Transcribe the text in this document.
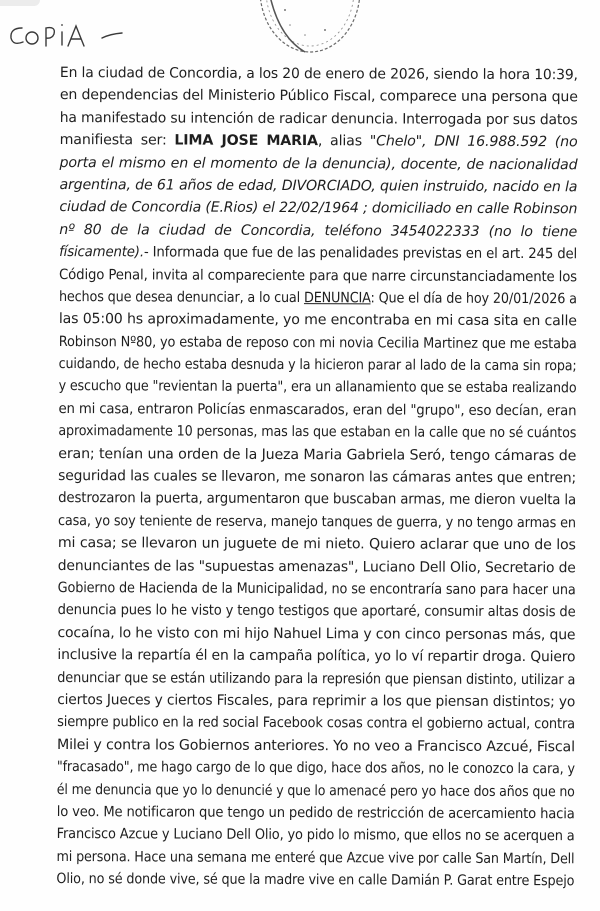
En la ciudad de Concordia, a los 20 de enero de 2026, siendo la hora 10:39,
en dependencias del Ministerio Público Fiscal, comparece una persona que
ha manifestado su intención de radicar denuncia. Interrogada por sus datos
manifiesta ser: LIMA JOSE MARIA, alias "Chelo", DNI 16.988.592 (no
porta el mismo en el momento de la denuncia), docente, de nacionalidad
argentina, de 61 años de edad, DIVORCIADO, quien instruido, nacido en la
ciudad de Concordia (E.Rios) el 22/02/1964 ; domiciliado en calle Robinson
nº 80 de la ciudad de Concordia, teléfono 3454022333 (no lo tiene
físicamente).- Informada que fue de las penalidades previstas en el art. 245 del
Código Penal, invita al compareciente para que narre circunstanciadamente los
hechos que desea denunciar, a lo cual DENUNCIA: Que el día de hoy 20/01/2026 a
las 05:00 hs aproximadamente, yo me encontraba en mi casa sita en calle
Robinson Nº80, yo estaba de reposo con mi novia Cecilia Martinez que me estaba
cuidando, de hecho estaba desnuda y la hicieron parar al lado de la cama sin ropa;
y escucho que "revientan la puerta", era un allanamiento que se estaba realizando
en mi casa, entraron Policías enmascarados, eran del "grupo", eso decían, eran
aproximadamente 10 personas, mas las que estaban en la calle que no sé cuántos
eran; tenían una orden de la Jueza Maria Gabriela Seró, tengo cámaras de
seguridad las cuales se llevaron, me sonaron las cámaras antes que entren;
destrozaron la puerta, argumentaron que buscaban armas, me dieron vuelta la
casa, yo soy teniente de reserva, manejo tanques de guerra, y no tengo armas en
mi casa; se llevaron un juguete de mi nieto. Quiero aclarar que uno de los
denunciantes de las "supuestas amenazas", Luciano Dell Olio, Secretario de
Gobierno de Hacienda de la Municipalidad, no se encontraría sano para hacer una
denuncia pues lo he visto y tengo testigos que aportaré, consumir altas dosis de
cocaína, lo he visto con mi hijo Nahuel Lima y con cinco personas más, que
inclusive la repartía él en la campaña política, yo lo ví repartir droga. Quiero
denunciar que se están utilizando para la represión que piensan distinto, utilizar a
ciertos Jueces y ciertos Fiscales, para reprimir a los que piensan distintos; yo
siempre publico en la red social Facebook cosas contra el gobierno actual, contra
Milei y contra los Gobiernos anteriores. Yo no veo a Francisco Azcué, Fiscal
"fracasado", me hago cargo de lo que digo, hace dos años, no le conozco la cara, y
él me denuncia que yo lo denuncié y que lo amenacé pero yo hace dos años que no
lo veo. Me notificaron que tengo un pedido de restricción de acercamiento hacia
Francisco Azcue y Luciano Dell Olio, yo pido lo mismo, que ellos no se acerquen a
mi persona. Hace una semana me enteré que Azcue vive por calle San Martín, Dell
Olio, no sé donde vive, sé que la madre vive en calle Damián P. Garat entre Espejo
